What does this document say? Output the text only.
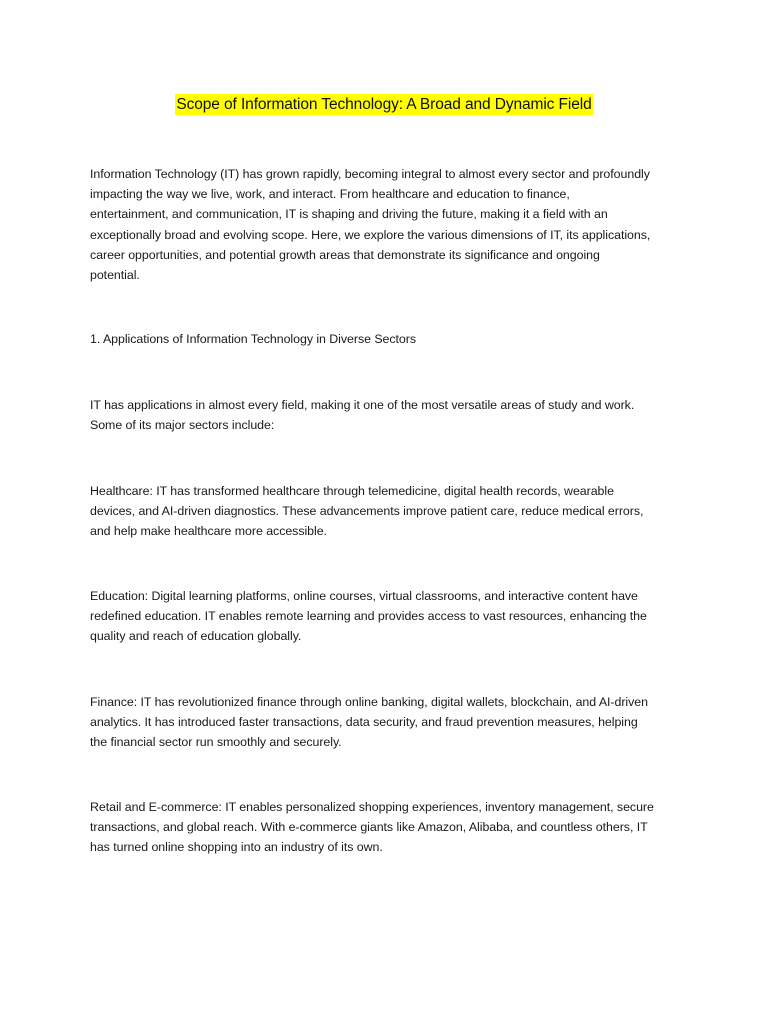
Scope of Information Technology: A Broad and Dynamic Field

Information Technology (IT) has grown rapidly, becoming integral to almost every sector and profoundly
impacting the way we live, work, and interact. From healthcare and education to finance,
entertainment, and communication, IT is shaping and driving the future, making it a field with an
exceptionally broad and evolving scope. Here, we explore the various dimensions of IT, its applications,
career opportunities, and potential growth areas that demonstrate its significance and ongoing
potential.

1. Applications of Information Technology in Diverse Sectors

IT has applications in almost every field, making it one of the most versatile areas of study and work.
Some of its major sectors include:

Healthcare: IT has transformed healthcare through telemedicine, digital health records, wearable
devices, and AI-driven diagnostics. These advancements improve patient care, reduce medical errors,
and help make healthcare more accessible.

Education: Digital learning platforms, online courses, virtual classrooms, and interactive content have
redefined education. IT enables remote learning and provides access to vast resources, enhancing the
quality and reach of education globally.

Finance: IT has revolutionized finance through online banking, digital wallets, blockchain, and AI-driven
analytics. It has introduced faster transactions, data security, and fraud prevention measures, helping
the financial sector run smoothly and securely.

Retail and E-commerce: IT enables personalized shopping experiences, inventory management, secure
transactions, and global reach. With e-commerce giants like Amazon, Alibaba, and countless others, IT
has turned online shopping into an industry of its own.
